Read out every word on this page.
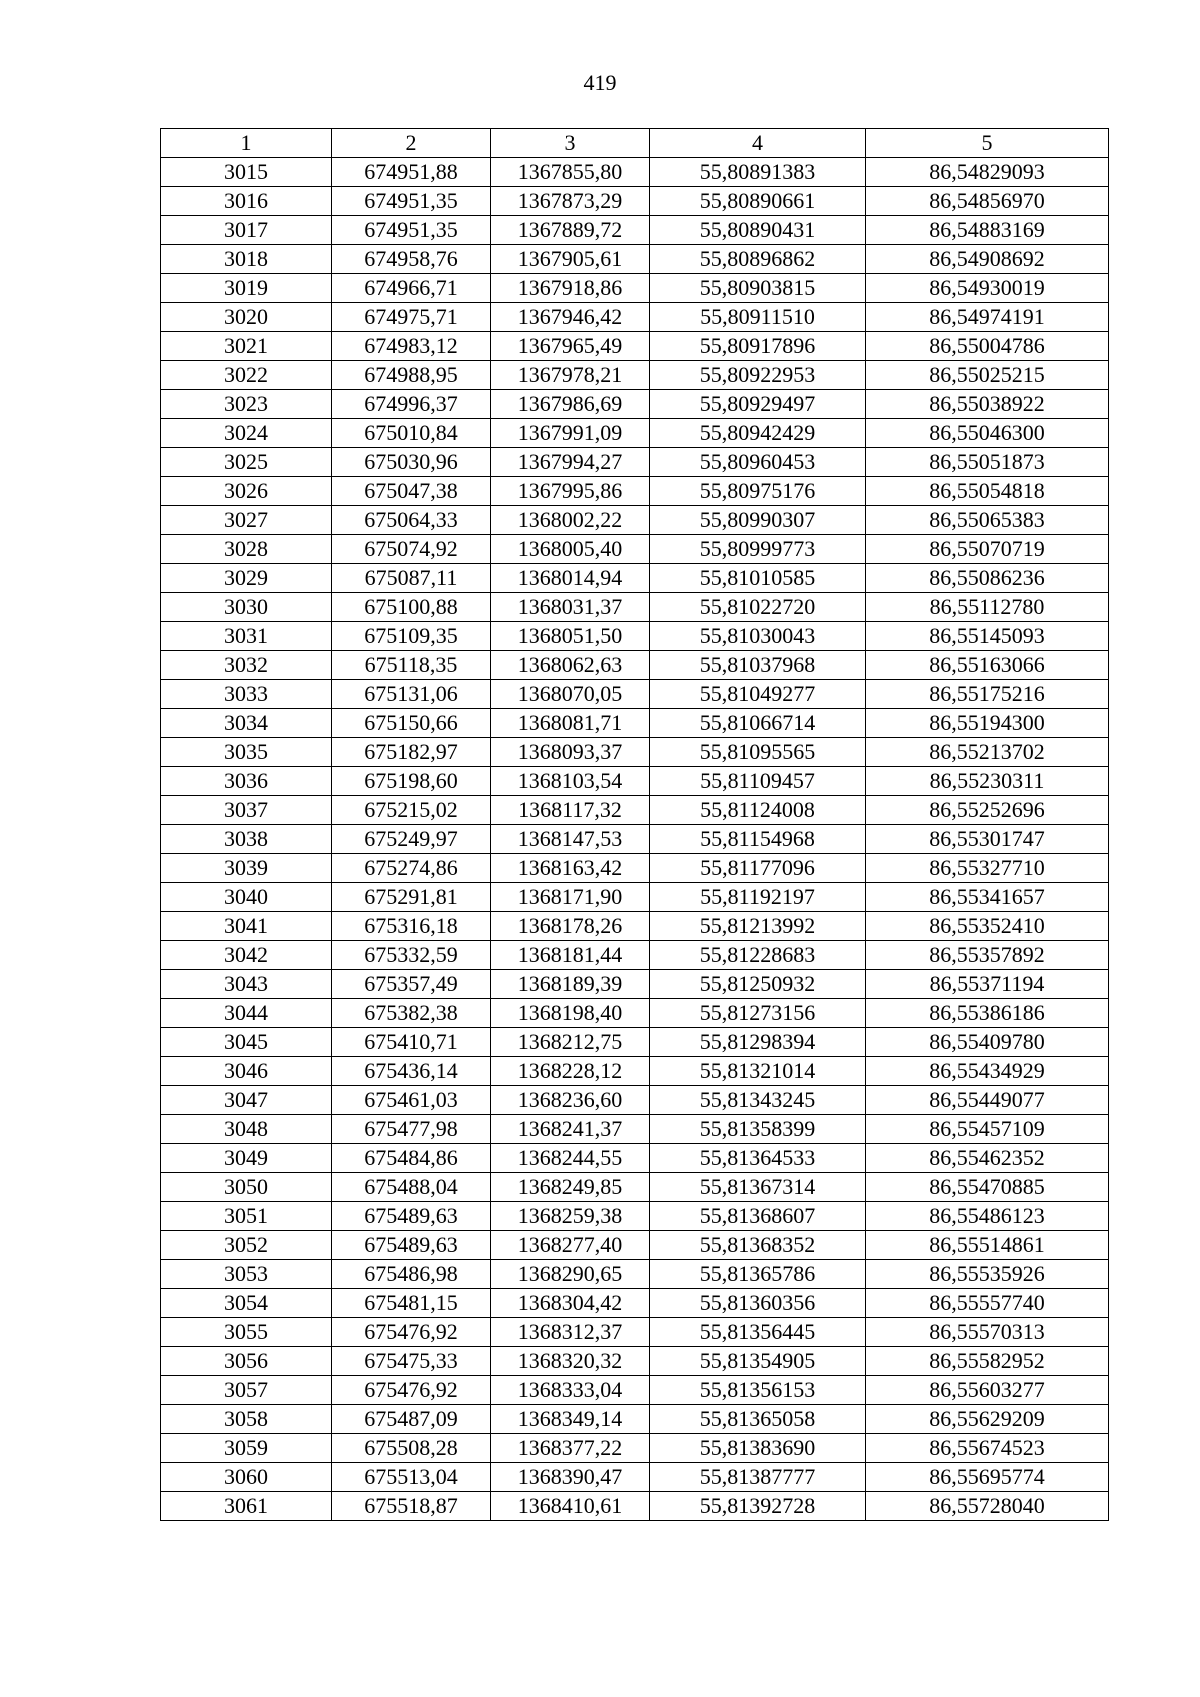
419
1	2	3	4	5
3015	674951,88	1367855,80	55,80891383	86,54829093
3016	674951,35	1367873,29	55,80890661	86,54856970
3017	674951,35	1367889,72	55,80890431	86,54883169
3018	674958,76	1367905,61	55,80896862	86,54908692
3019	674966,71	1367918,86	55,80903815	86,54930019
3020	674975,71	1367946,42	55,80911510	86,54974191
3021	674983,12	1367965,49	55,80917896	86,55004786
3022	674988,95	1367978,21	55,80922953	86,55025215
3023	674996,37	1367986,69	55,80929497	86,55038922
3024	675010,84	1367991,09	55,80942429	86,55046300
3025	675030,96	1367994,27	55,80960453	86,55051873
3026	675047,38	1367995,86	55,80975176	86,55054818
3027	675064,33	1368002,22	55,80990307	86,55065383
3028	675074,92	1368005,40	55,80999773	86,55070719
3029	675087,11	1368014,94	55,81010585	86,55086236
3030	675100,88	1368031,37	55,81022720	86,55112780
3031	675109,35	1368051,50	55,81030043	86,55145093
3032	675118,35	1368062,63	55,81037968	86,55163066
3033	675131,06	1368070,05	55,81049277	86,55175216
3034	675150,66	1368081,71	55,81066714	86,55194300
3035	675182,97	1368093,37	55,81095565	86,55213702
3036	675198,60	1368103,54	55,81109457	86,55230311
3037	675215,02	1368117,32	55,81124008	86,55252696
3038	675249,97	1368147,53	55,81154968	86,55301747
3039	675274,86	1368163,42	55,81177096	86,55327710
3040	675291,81	1368171,90	55,81192197	86,55341657
3041	675316,18	1368178,26	55,81213992	86,55352410
3042	675332,59	1368181,44	55,81228683	86,55357892
3043	675357,49	1368189,39	55,81250932	86,55371194
3044	675382,38	1368198,40	55,81273156	86,55386186
3045	675410,71	1368212,75	55,81298394	86,55409780
3046	675436,14	1368228,12	55,81321014	86,55434929
3047	675461,03	1368236,60	55,81343245	86,55449077
3048	675477,98	1368241,37	55,81358399	86,55457109
3049	675484,86	1368244,55	55,81364533	86,55462352
3050	675488,04	1368249,85	55,81367314	86,55470885
3051	675489,63	1368259,38	55,81368607	86,55486123
3052	675489,63	1368277,40	55,81368352	86,55514861
3053	675486,98	1368290,65	55,81365786	86,55535926
3054	675481,15	1368304,42	55,81360356	86,55557740
3055	675476,92	1368312,37	55,81356445	86,55570313
3056	675475,33	1368320,32	55,81354905	86,55582952
3057	675476,92	1368333,04	55,81356153	86,55603277
3058	675487,09	1368349,14	55,81365058	86,55629209
3059	675508,28	1368377,22	55,81383690	86,55674523
3060	675513,04	1368390,47	55,81387777	86,55695774
3061	675518,87	1368410,61	55,81392728	86,55728040
